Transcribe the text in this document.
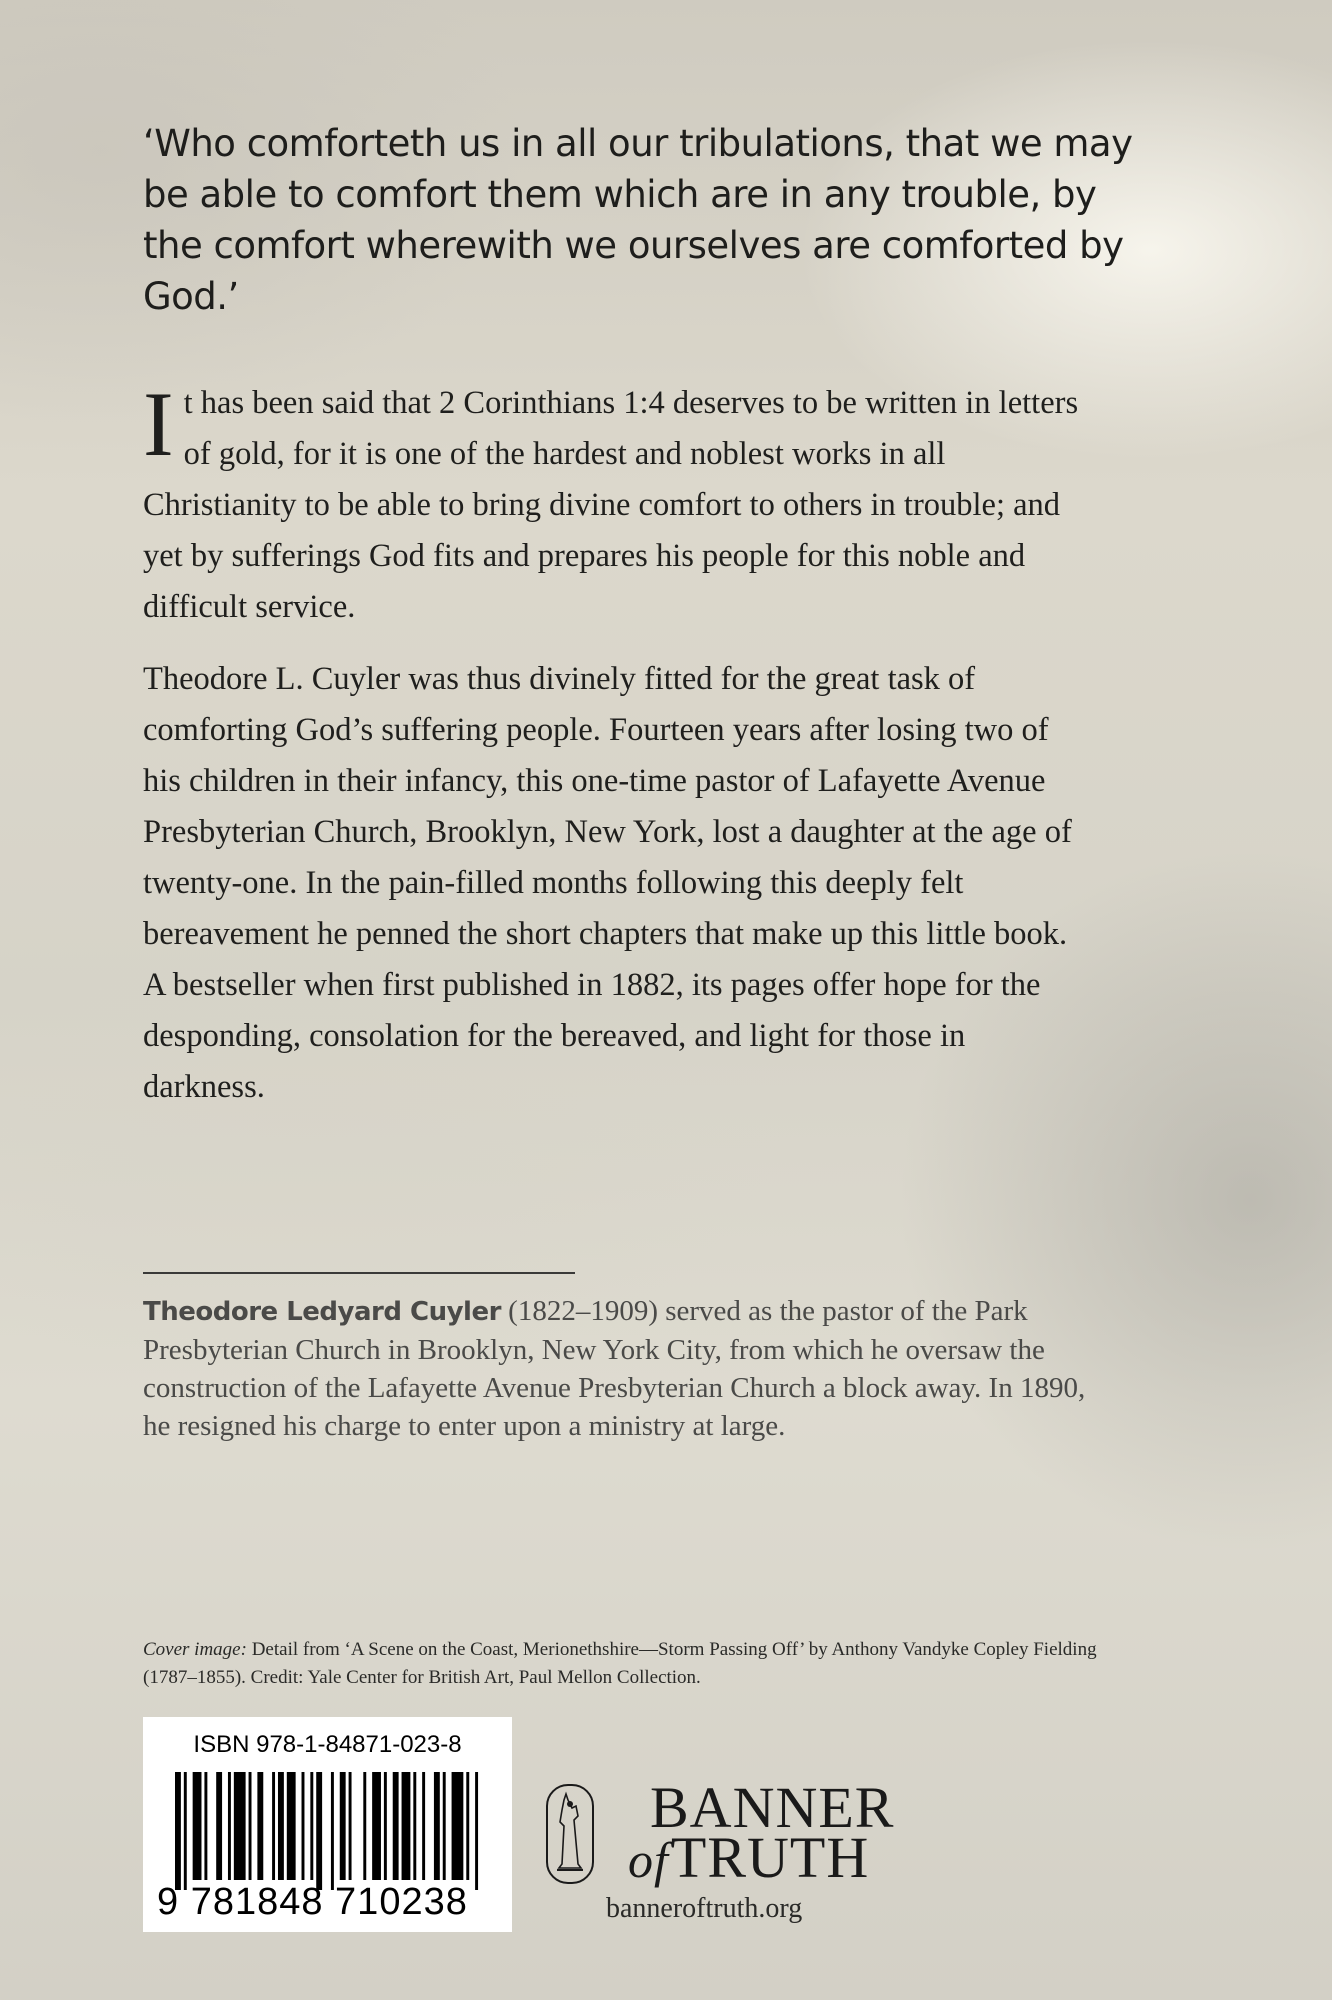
‘Who comforteth us in all our tribulations, that we may be able to comfort them which are in any trouble, by the comfort wherewith we ourselves are comforted by God.’
It has been said that 2 Corinthians 1:4 deserves to be written in letters of gold, for it is one of the hardest and noblest works in all Christianity to be able to bring divine comfort to others in trouble; and yet by sufferings God fits and prepares his people for this noble and difficult service.
Theodore L. Cuyler was thus divinely fitted for the great task of comforting God’s suffering people. Fourteen years after losing two of his children in their infancy, this one-time pastor of Lafayette Avenue Presbyterian Church, Brooklyn, New York, lost a daughter at the age of twenty-one. In the pain-filled months following this deeply felt bereavement he penned the short chapters that make up this little book. A bestseller when first published in 1882, its pages offer hope for the desponding, consolation for the bereaved, and light for those in darkness.
Theodore Ledyard Cuyler (1822–1909) served as the pastor of the Park Presbyterian Church in Brooklyn, New York City, from which he oversaw the construction of the Lafayette Avenue Presbyterian Church a block away. In 1890, he resigned his charge to enter upon a ministry at large.
Cover image: Detail from ‘A Scene on the Coast, Merionethshire—Storm Passing Off’ by Anthony Vandyke Copley Fielding (1787–1855). Credit: Yale Center for British Art, Paul Mellon Collection.
ISBN 978-1-84871-023-8
9 781848 710238
BANNER
ofTRUTH
banneroftruth.org
